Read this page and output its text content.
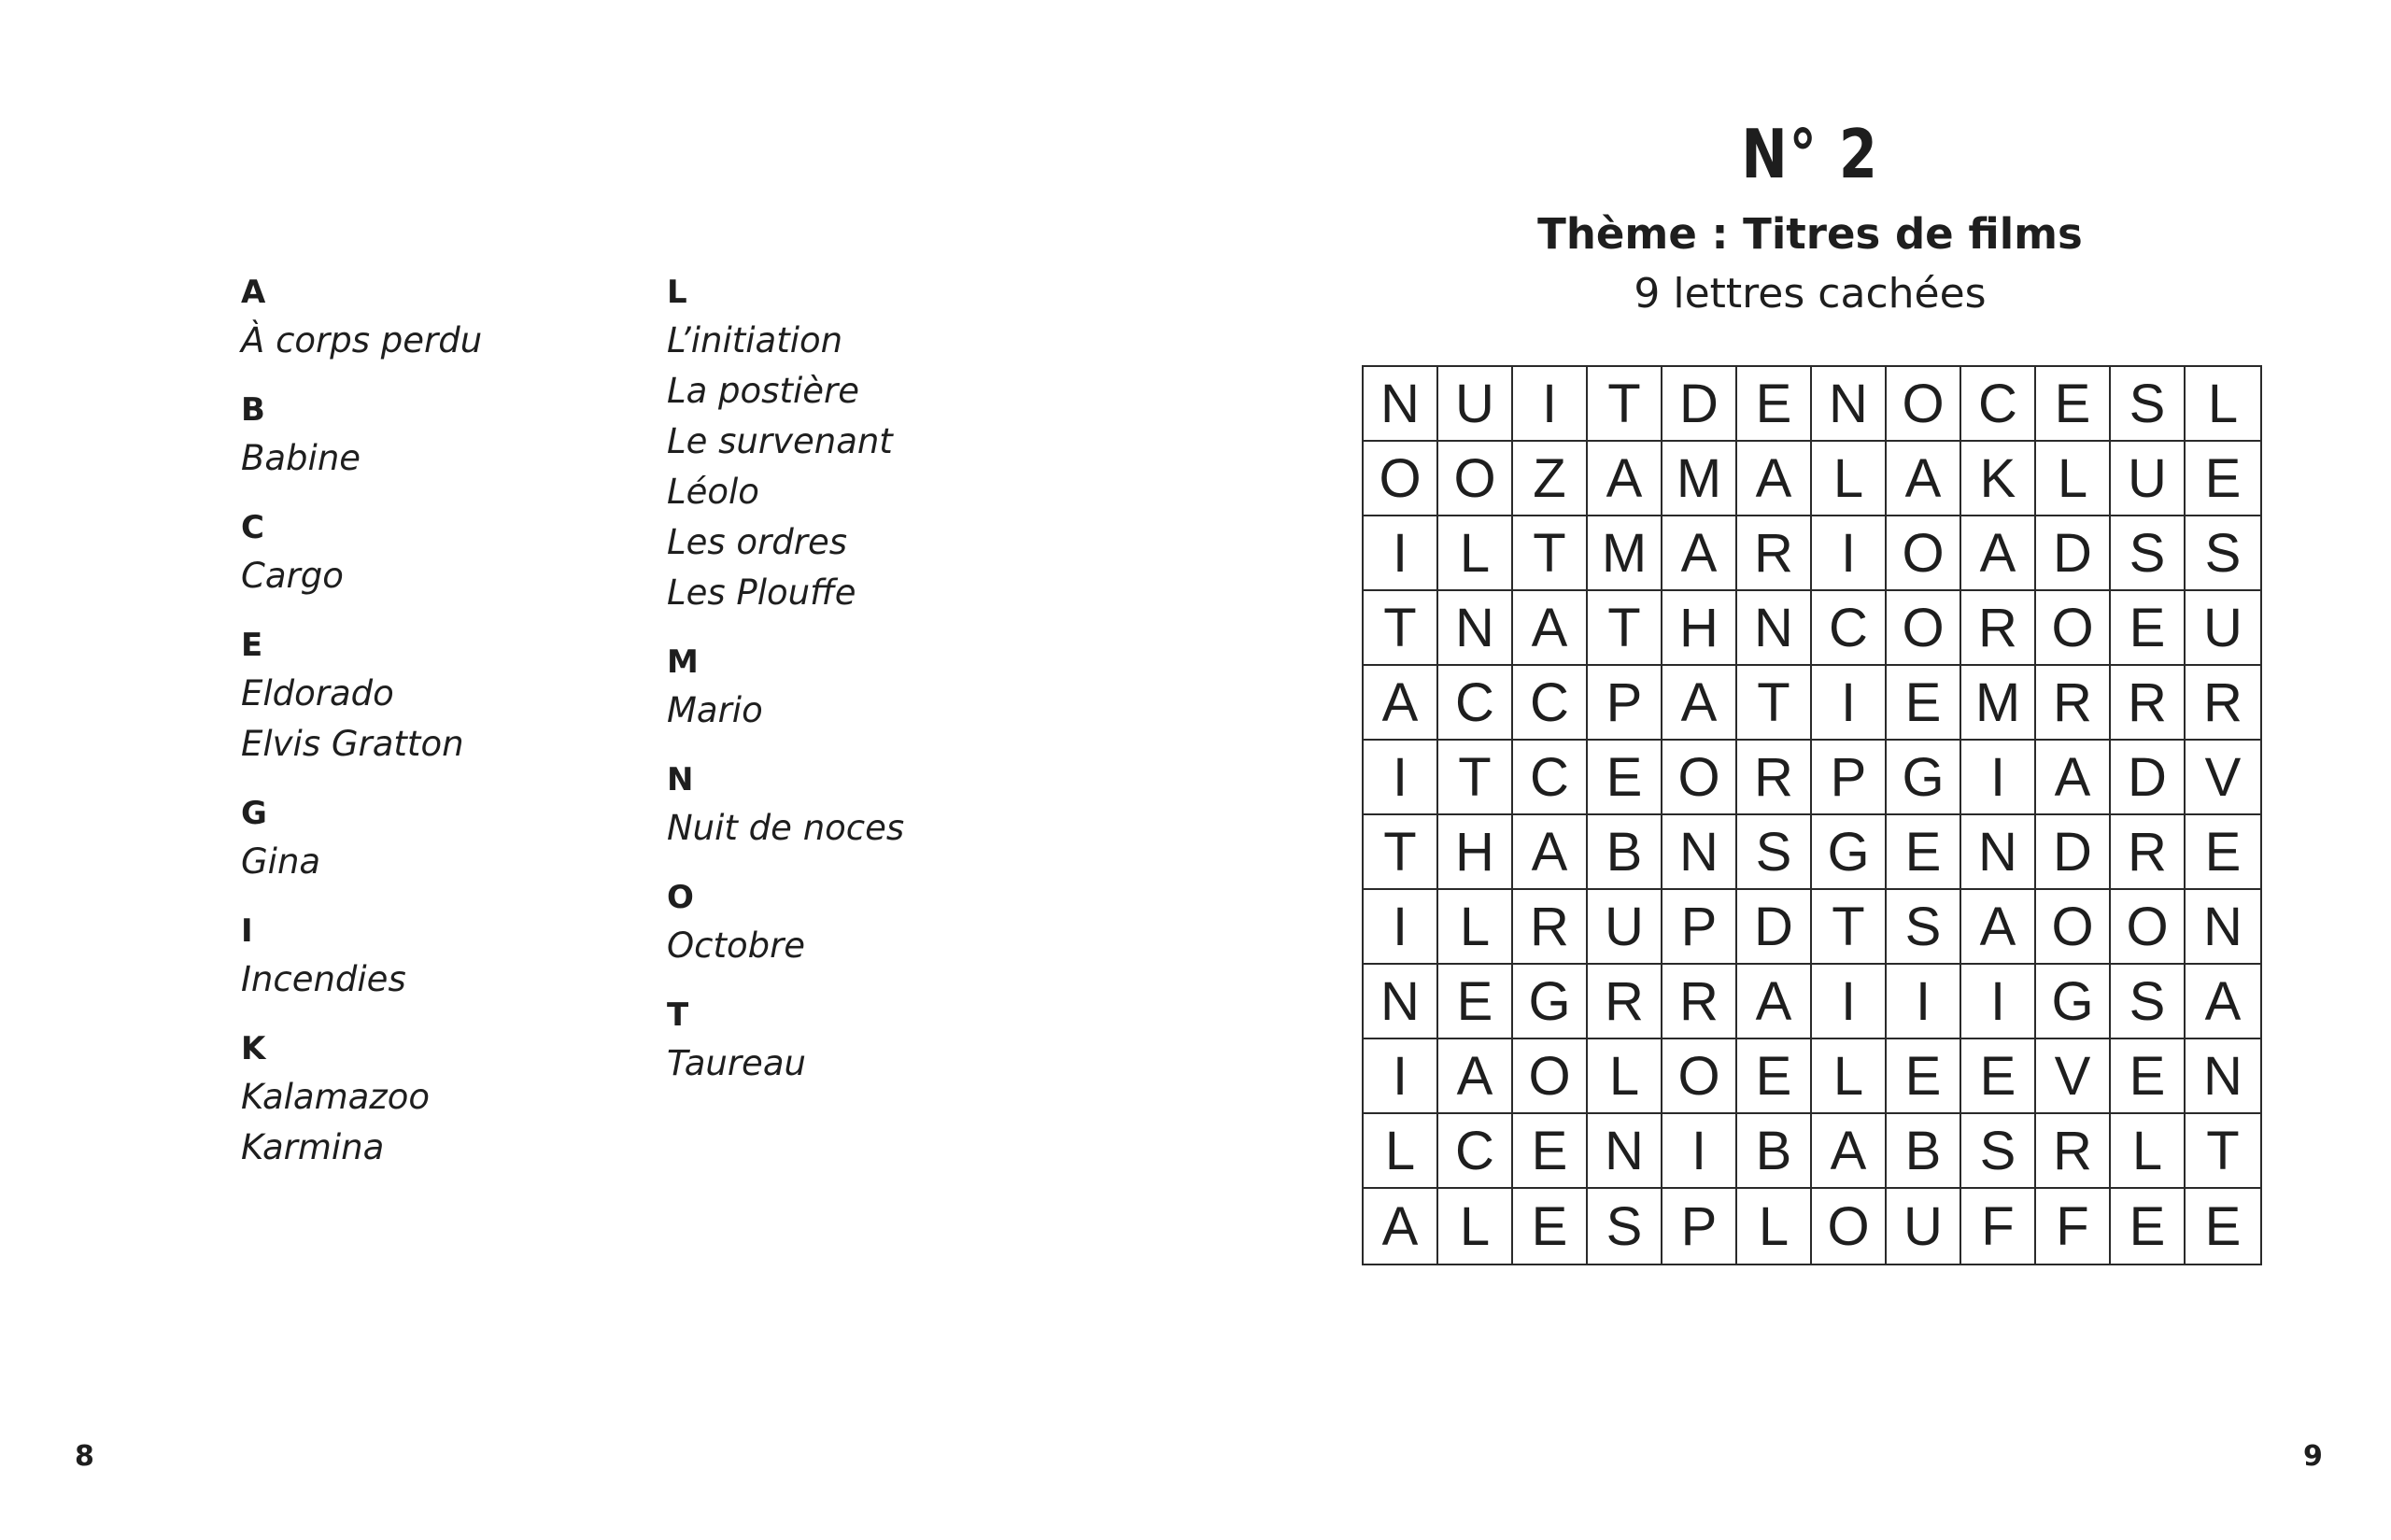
A
À corps perdu
B
Babine
C
Cargo
E
Eldorado
Elvis Gratton
G
Gina
I
Incendies
K
Kalamazoo
Karmina
L
L’initiation
La postière
Le survenant
Léolo
Les ordres
Les Plouffe
M
Mario
N
Nuit de noces
O
Octobre
T
Taureau
N° 2
Thème : Titres de films
9 lettres cachées
N U I T D E N O C E S L
O O Z A M A L A K L U E
I L T M A R I O A D S S
T N A T H N C O R O E U
A C C P A T I E M R R R
I T C E O R P G I A D V
T H A B N S G E N D R E
I L R U P D T S A O O N
N E G R R A I	I	I G S A
I A O L O E L E E V E N
L C E N I B A B S R L T
A L E S P L O U F F E E
8	9
